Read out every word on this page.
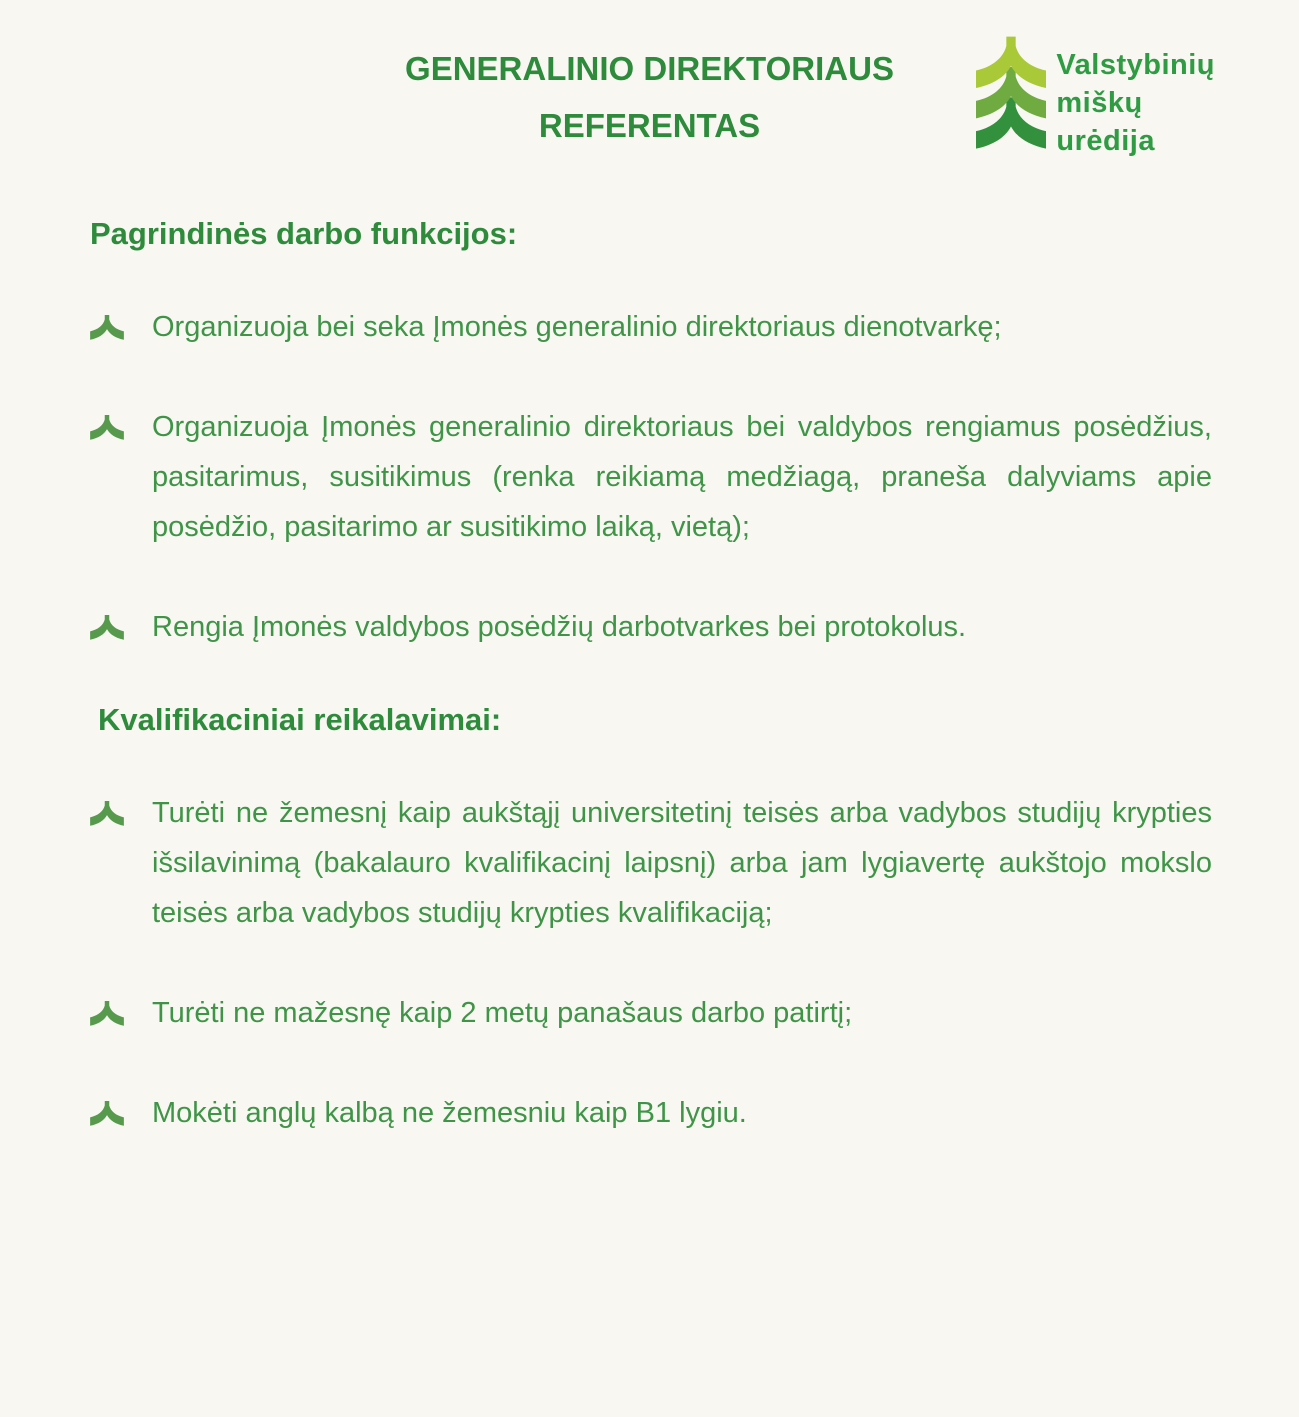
GENERALINIO DIREKTORIAUS
REFERENTAS
Valstybinių
miškų
urėdija
Pagrindinės darbo funkcijos:
Organizuoja bei seka Įmonės generalinio direktoriaus dienotvarkę;
Organizuoja Įmonės generalinio direktoriaus bei valdybos rengiamus posėdžius, pasitarimus, susitikimus (renka reikiamą medžiagą, praneša dalyviams apie posėdžio, pasitarimo ar susitikimo laiką, vietą);
Rengia Įmonės valdybos posėdžių darbotvarkes bei protokolus.
Kvalifikaciniai reikalavimai:
Turėti ne žemesnį kaip aukštąjį universitetinį teisės arba vadybos studijų krypties išsilavinimą (bakalauro kvalifikacinį laipsnį) arba jam lygiavertę aukštojo mokslo teisės arba vadybos studijų krypties kvalifikaciją;
Turėti ne mažesnę kaip 2 metų panašaus darbo patirtį;
Mokėti anglų kalbą ne žemesniu kaip B1 lygiu.
